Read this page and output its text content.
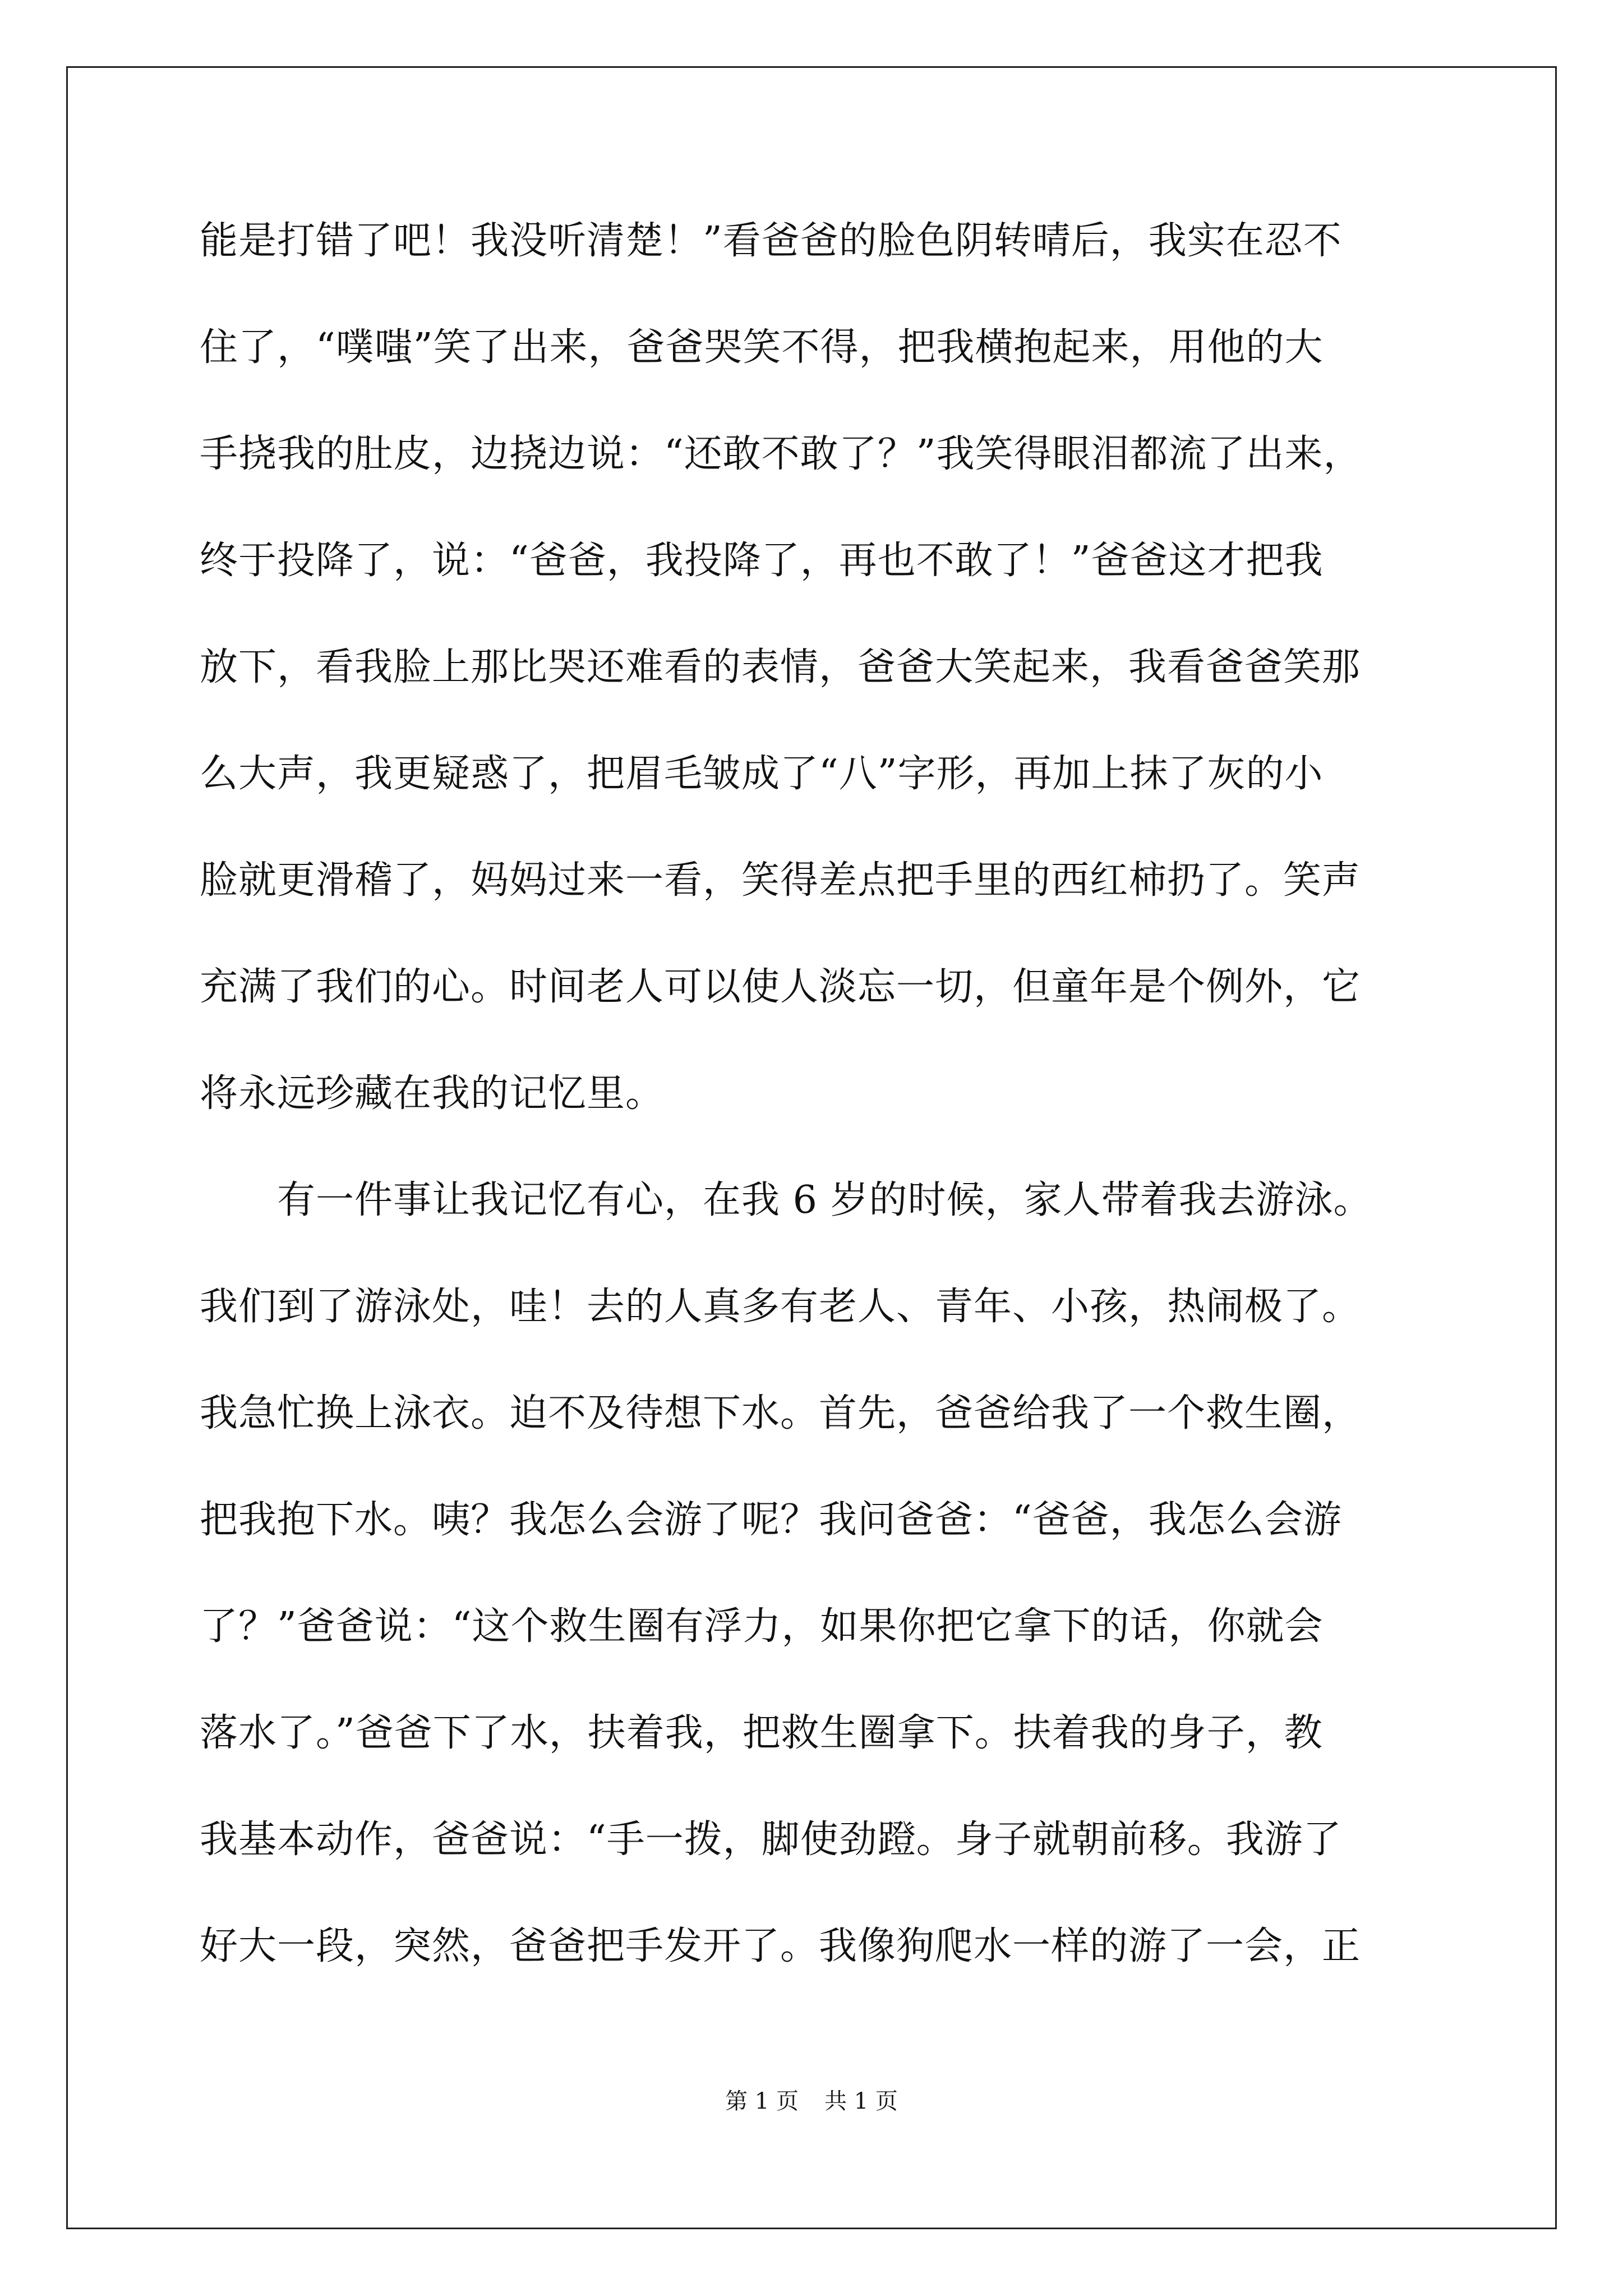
能是打错了吧！我没听清楚！”看爸爸的脸色阴转晴后，我实在忍不
住了，“噗嗤”笑了出来，爸爸哭笑不得，把我横抱起来，用他的大
手挠我的肚皮，边挠边说：“还敢不敢了？”我笑得眼泪都流了出来，
终于投降了，说：“爸爸，我投降了，再也不敢了！”爸爸这才把我
放下，看我脸上那比哭还难看的表情，爸爸大笑起来，我看爸爸笑那
么大声，我更疑惑了，把眉毛皱成了“八”字形，再加上抹了灰的小
脸就更滑稽了，妈妈过来一看，笑得差点把手里的西红柿扔了。笑声
充满了我们的心。时间老人可以使人淡忘一切，但童年是个例外，它
将永远珍藏在我的记忆里。
有一件事让我记忆有心，在我 6 岁的时候，家人带着我去游泳。
我们到了游泳处，哇！去的人真多有老人、青年、小孩，热闹极了。
我急忙换上泳衣。迫不及待想下水。首先，爸爸给我了一个救生圈，
把我抱下水。咦？我怎么会游了呢？我问爸爸：“爸爸，我怎么会游
了？”爸爸说：“这个救生圈有浮力，如果你把它拿下的话，你就会
落水了。”爸爸下了水，扶着我，把救生圈拿下。扶着我的身子，教
我基本动作，爸爸说：“手一拨，脚使劲蹬。身子就朝前移。我游了
好大一段，突然，爸爸把手发开了。我像狗爬水一样的游了一会，正
第 1 页 共 1 页
